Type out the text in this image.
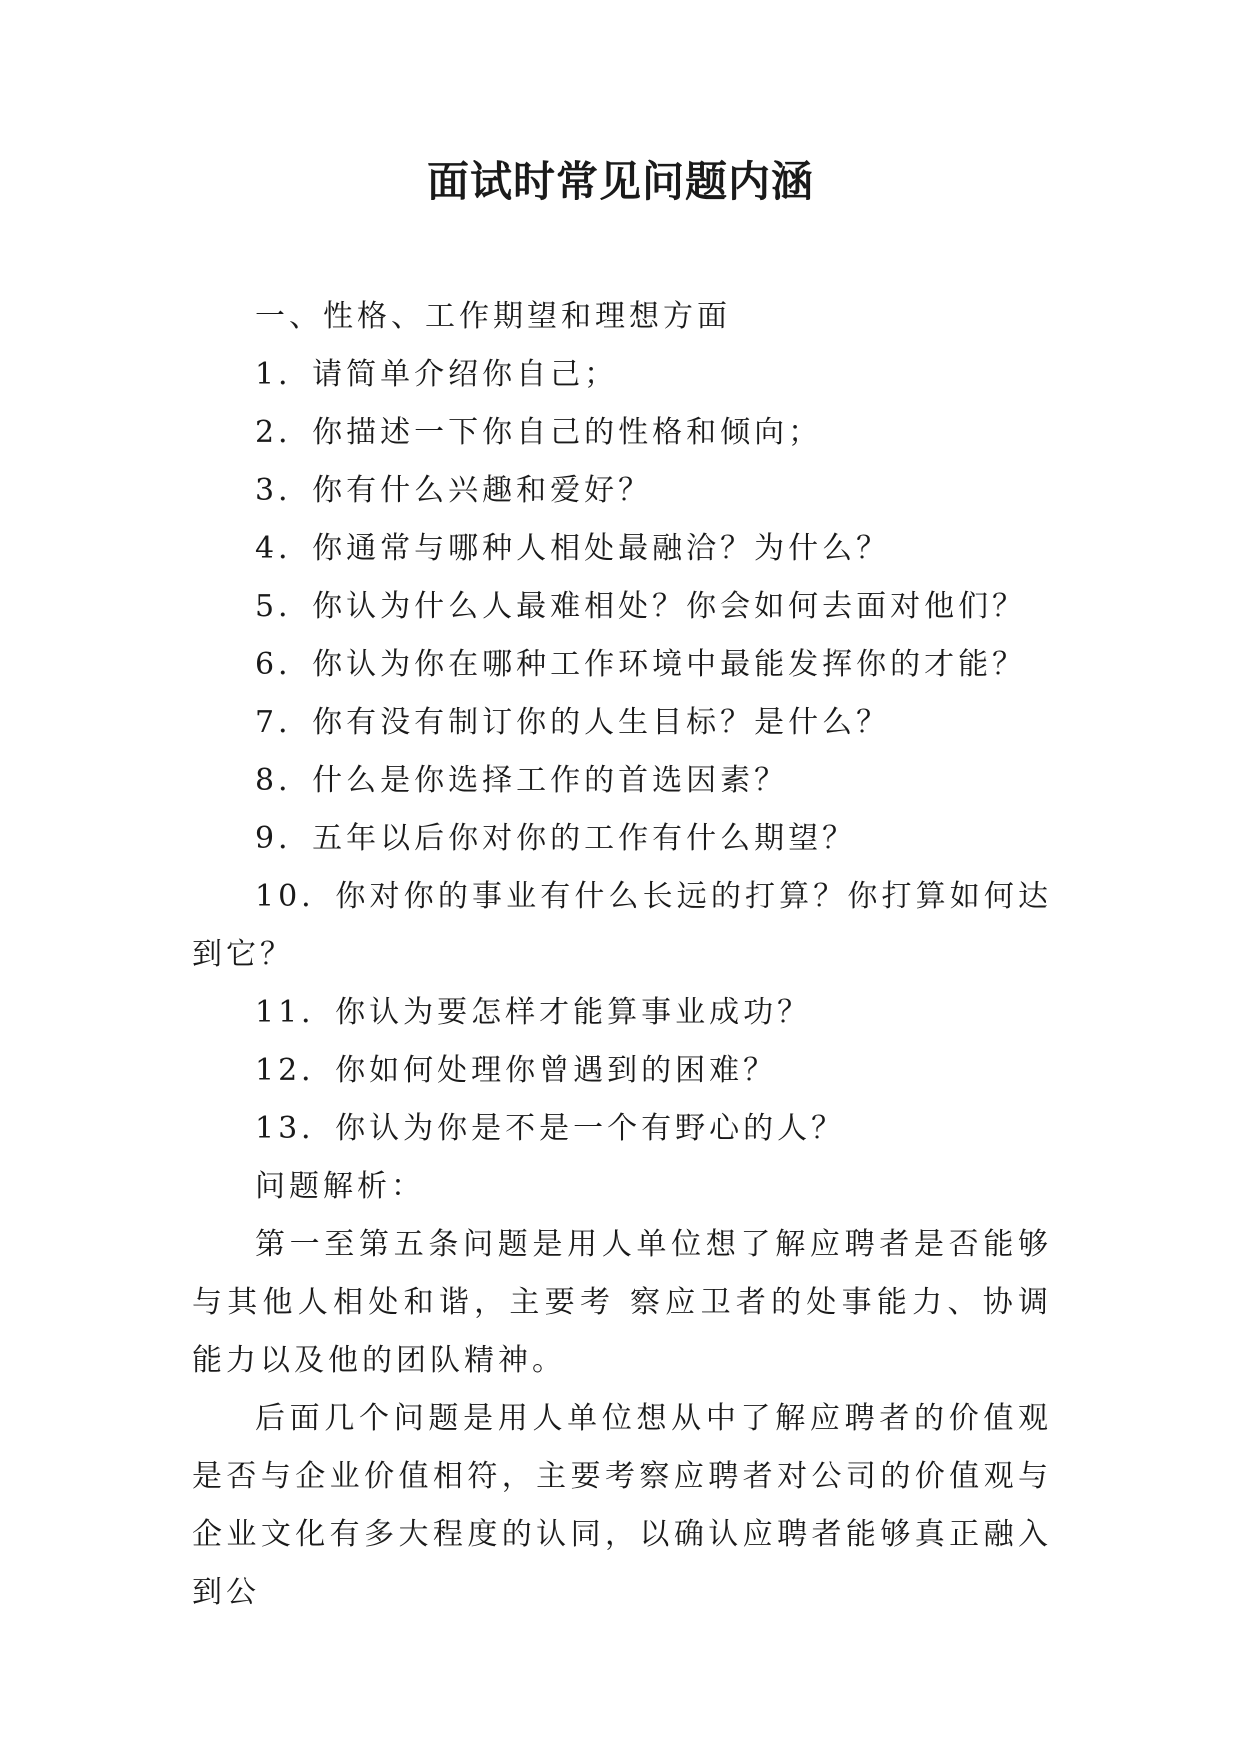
面试时常见问题内涵

一、性格、工作期望和理想方面

1．请简单介绍你自己；

2．你描述一下你自己的性格和倾向；

3．你有什么兴趣和爱好？

4．你通常与哪种人相处最融洽？为什么？

5．你认为什么人最难相处？你会如何去面对他们？

6．你认为你在哪种工作环境中最能发挥你的才能？

7．你有没有制订你的人生目标？是什么？

8．什么是你选择工作的首选因素？

9．五年以后你对你的工作有什么期望？

10．你对你的事业有什么长远的打算？你打算如何达到它？

11．你认为要怎样才能算事业成功？

12．你如何处理你曾遇到的困难？

13．你认为你是不是一个有野心的人？

问题解析：

第一至第五条问题是用人单位想了解应聘者是否能够与其他人相处和谐，主要考 察应卫者的处事能力、协调能力以及他的团队精神。

后面几个问题是用人单位想从中了解应聘者的价值观是否与企业价值相符，主要考察应聘者对公司的价值观与企业文化有多大程度的认同，以确认应聘者能够真正融入到公
